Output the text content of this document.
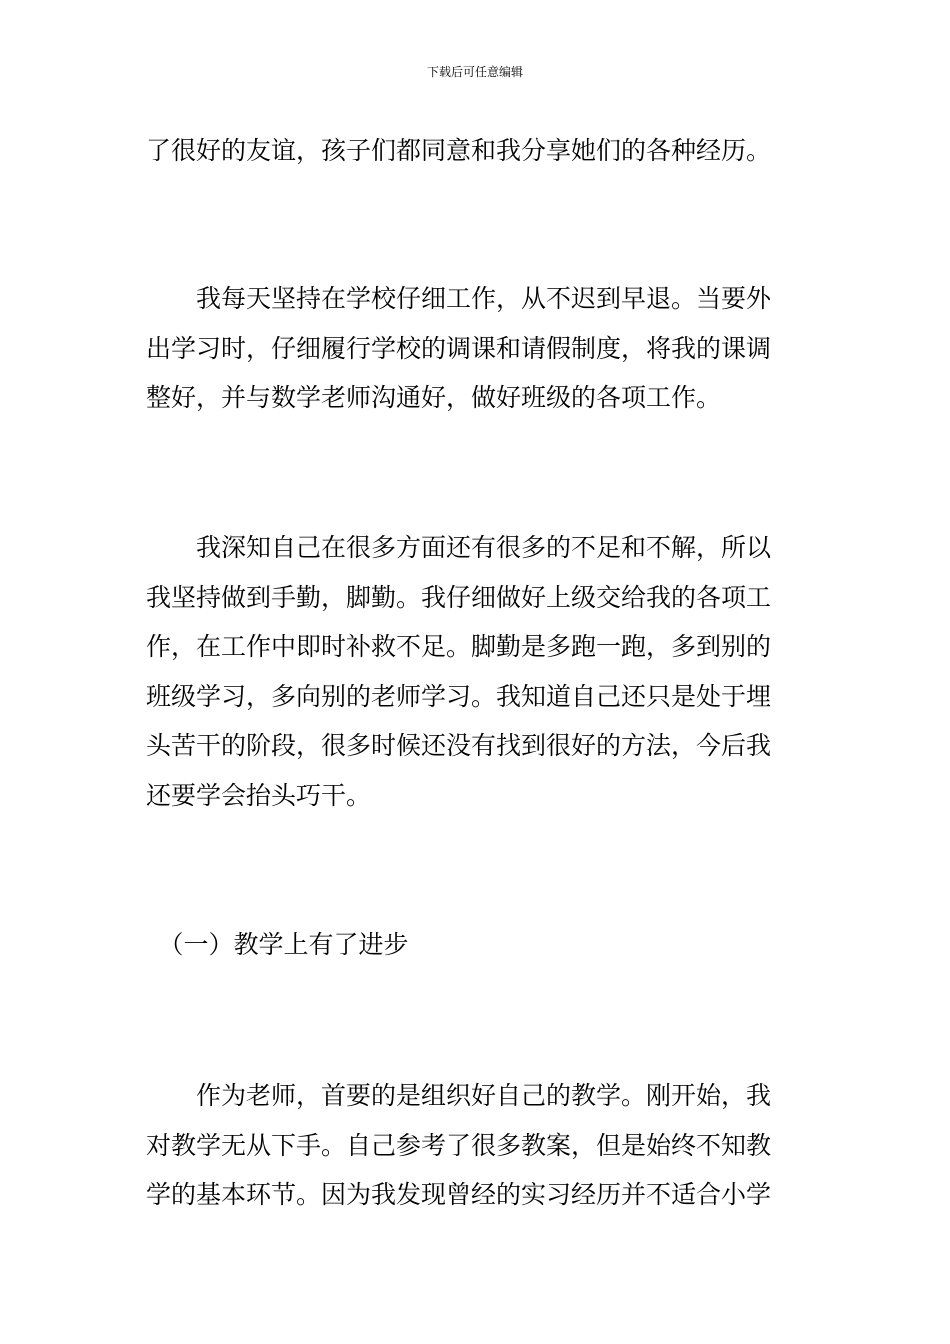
下载后可任意编辑
了很好的友谊，孩子们都同意和我分享她们的各种经历。
　　我每天坚持在学校仔细工作，从不迟到早退。当要外
出学习时，仔细履行学校的调课和请假制度，将我的课调
整好，并与数学老师沟通好，做好班级的各项工作。
　　我深知自己在很多方面还有很多的不足和不解，所以
我坚持做到手勤，脚勤。我仔细做好上级交给我的各项工
作，在工作中即时补救不足。脚勤是多跑一跑，多到别的
班级学习，多向别的老师学习。我知道自己还只是处于埋
头苦干的阶段，很多时候还没有找到很好的方法，今后我
还要学会抬头巧干。
　（一）教学上有了进步
　　作为老师，首要的是组织好自己的教学。刚开始，我
对教学无从下手。自己参考了很多教案，但是始终不知教
学的基本环节。因为我发现曾经的实习经历并不适合小学
